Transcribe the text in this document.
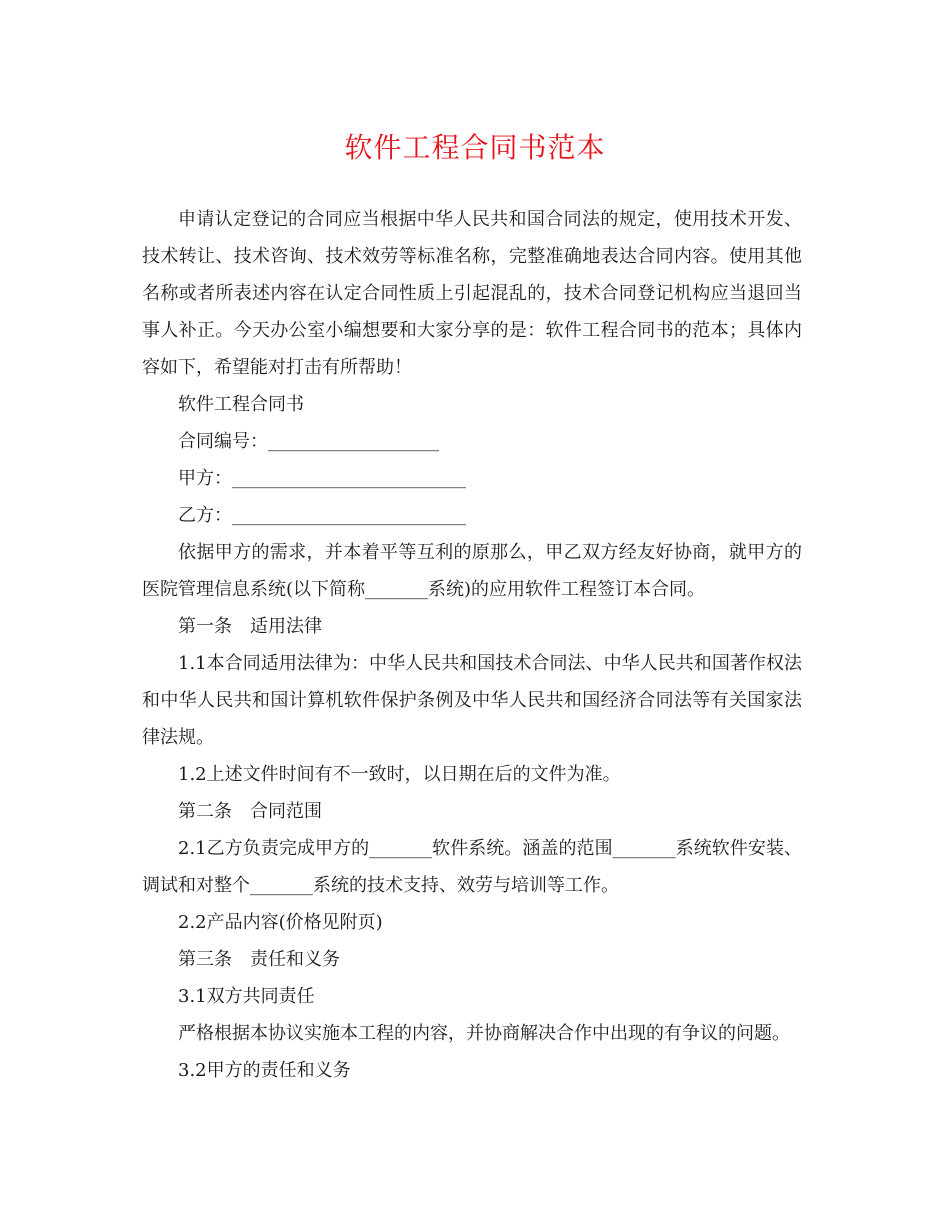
软件工程合同书范本

申请认定登记的合同应当根据中华人民共和国合同法的规定，使用技术开发、技术转让、技术咨询、技术效劳等标准名称，完整准确地表达合同内容。使用其他名称或者所表述内容在认定合同性质上引起混乱的，技术合同登记机构应当退回当事人补正。今天办公室小编想要和大家分享的是：软件工程合同书的范本；具体内容如下，希望能对打击有所帮助！

软件工程合同书

合同编号：___________________

甲方：__________________________

乙方：__________________________

依据甲方的需求，并本着平等互利的原那么，甲乙双方经友好协商，就甲方的医院管理信息系统(以下简称_______系统)的应用软件工程签订本合同。

第一条　适用法律

1.1本合同适用法律为：中华人民共和国技术合同法、中华人民共和国著作权法和中华人民共和国计算机软件保护条例及中华人民共和国经济合同法等有关国家法律法规。

1.2上述文件时间有不一致时，以日期在后的文件为准。

第二条　合同范围

2.1乙方负责完成甲方的_______软件系统。涵盖的范围_______系统软件安装、调试和对整个_______系统的技术支持、效劳与培训等工作。

2.2产品内容(价格见附页)

第三条　责任和义务

3.1双方共同责任

严格根据本协议实施本工程的内容，并协商解决合作中出现的有争议的问题。

3.2甲方的责任和义务
